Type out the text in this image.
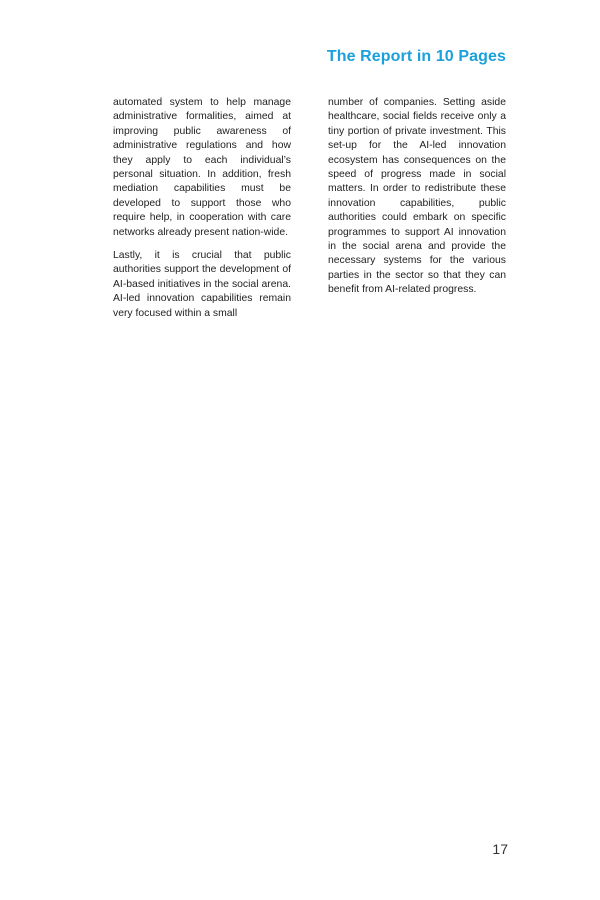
The Report in 10 Pages

automated system to help manage administrative formalities, aimed at improving public awareness of administrative regulations and how they apply to each individual’s personal situation. In addition, fresh mediation capabilities must be developed to support those who require help, in cooperation with care networks already present nation-wide.

Lastly, it is crucial that public authorities support the development of AI-based initiatives in the social arena. AI-led innovation capabilities remain very focused within a small

number of companies. Setting aside healthcare, social fields receive only a tiny portion of private investment. This set-up for the AI-led innovation ecosystem has consequences on the speed of progress made in social matters. In order to redistribute these innovation capabilities, public authorities could embark on specific programmes to support AI innovation in the social arena and provide the necessary systems for the various parties in the sector so that they can benefit from AI-related progress.

17
